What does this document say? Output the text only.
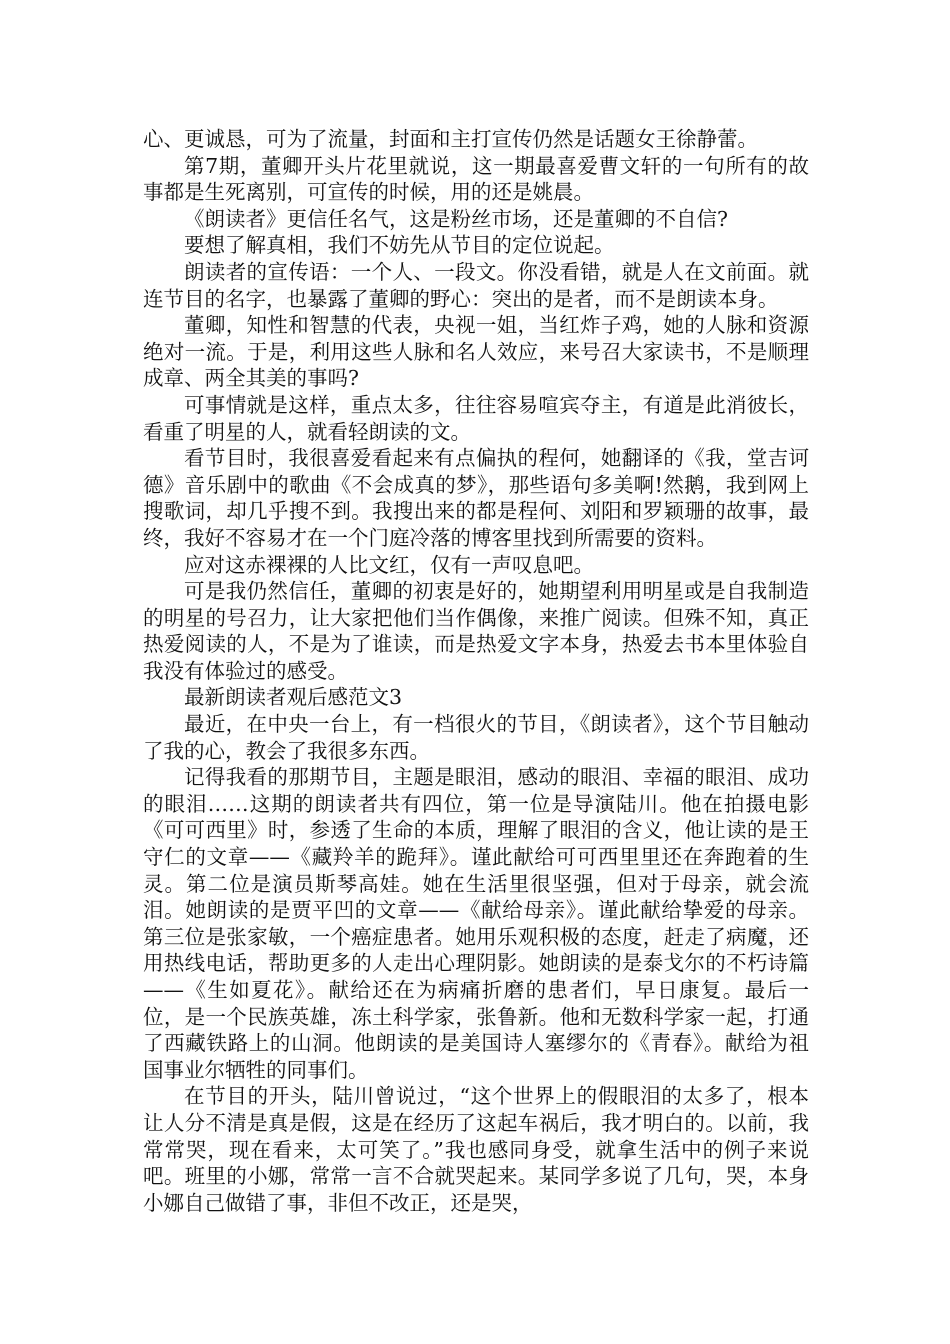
心、更诚恳，可为了流量，封面和主打宣传仍然是话题女王徐静蕾。

第7期，董卿开头片花里就说，这一期最喜爱曹文轩的一句所有的故事都是生死离别，可宣传的时候，用的还是姚晨。

《朗读者》更信任名气，这是粉丝市场，还是董卿的不自信?

要想了解真相，我们不妨先从节目的定位说起。

朗读者的宣传语：一个人、一段文。你没看错，就是人在文前面。就连节目的名字，也暴露了董卿的野心：突出的是者，而不是朗读本身。

董卿，知性和智慧的代表，央视一姐，当红炸子鸡，她的人脉和资源绝对一流。于是，利用这些人脉和名人效应，来号召大家读书，不是顺理成章、两全其美的事吗?

可事情就是这样，重点太多，往往容易喧宾夺主，有道是此消彼长，看重了明星的人，就看轻朗读的文。

看节目时，我很喜爱看起来有点偏执的程何，她翻译的《我，堂吉诃德》音乐剧中的歌曲《不会成真的梦》，那些语句多美啊!然鹅，我到网上搜歌词，却几乎搜不到。我搜出来的都是程何、刘阳和罗颖珊的故事，最终，我好不容易才在一个门庭冷落的博客里找到所需要的资料。

应对这赤裸裸的人比文红，仅有一声叹息吧。

可是我仍然信任，董卿的初衷是好的，她期望利用明星或是自我制造的明星的号召力，让大家把他们当作偶像，来推广阅读。但殊不知，真正热爱阅读的人，不是为了谁读，而是热爱文字本身，热爱去书本里体验自我没有体验过的感受。

最新朗读者观后感范文3

最近，在中央一台上，有一档很火的节目，《朗读者》，这个节目触动了我的心，教会了我很多东西。

记得我看的那期节目，主题是眼泪，感动的眼泪、幸福的眼泪、成功的眼泪……这期的朗读者共有四位，第一位是导演陆川。他在拍摄电影《可可西里》时，参透了生命的本质，理解了眼泪的含义，他让读的是王守仁的文章——《藏羚羊的跪拜》。谨此献给可可西里里还在奔跑着的生灵。第二位是演员斯琴高娃。她在生活里很坚强，但对于母亲，就会流泪。她朗读的是贾平凹的文章——《献给母亲》。谨此献给挚爱的母亲。第三位是张家敏，一个癌症患者。她用乐观积极的态度，赶走了病魔，还用热线电话，帮助更多的人走出心理阴影。她朗读的是泰戈尔的不朽诗篇——《生如夏花》。献给还在为病痛折磨的患者们，早日康复。最后一位，是一个民族英雄，冻土科学家，张鲁新。他和无数科学家一起，打通了西藏铁路上的山洞。他朗读的是美国诗人塞缪尔的《青春》。献给为祖国事业尔牺牲的同事们。

在节目的开头，陆川曾说过，“这个世界上的假眼泪的太多了，根本让人分不清是真是假，这是在经历了这起车祸后，我才明白的。以前，我常常哭，现在看来，太可笑了。”我也感同身受，就拿生活中的例子来说吧。班里的小娜，常常一言不合就哭起来。某同学多说了几句，哭，本身小娜自己做错了事，非但不改正，还是哭，
